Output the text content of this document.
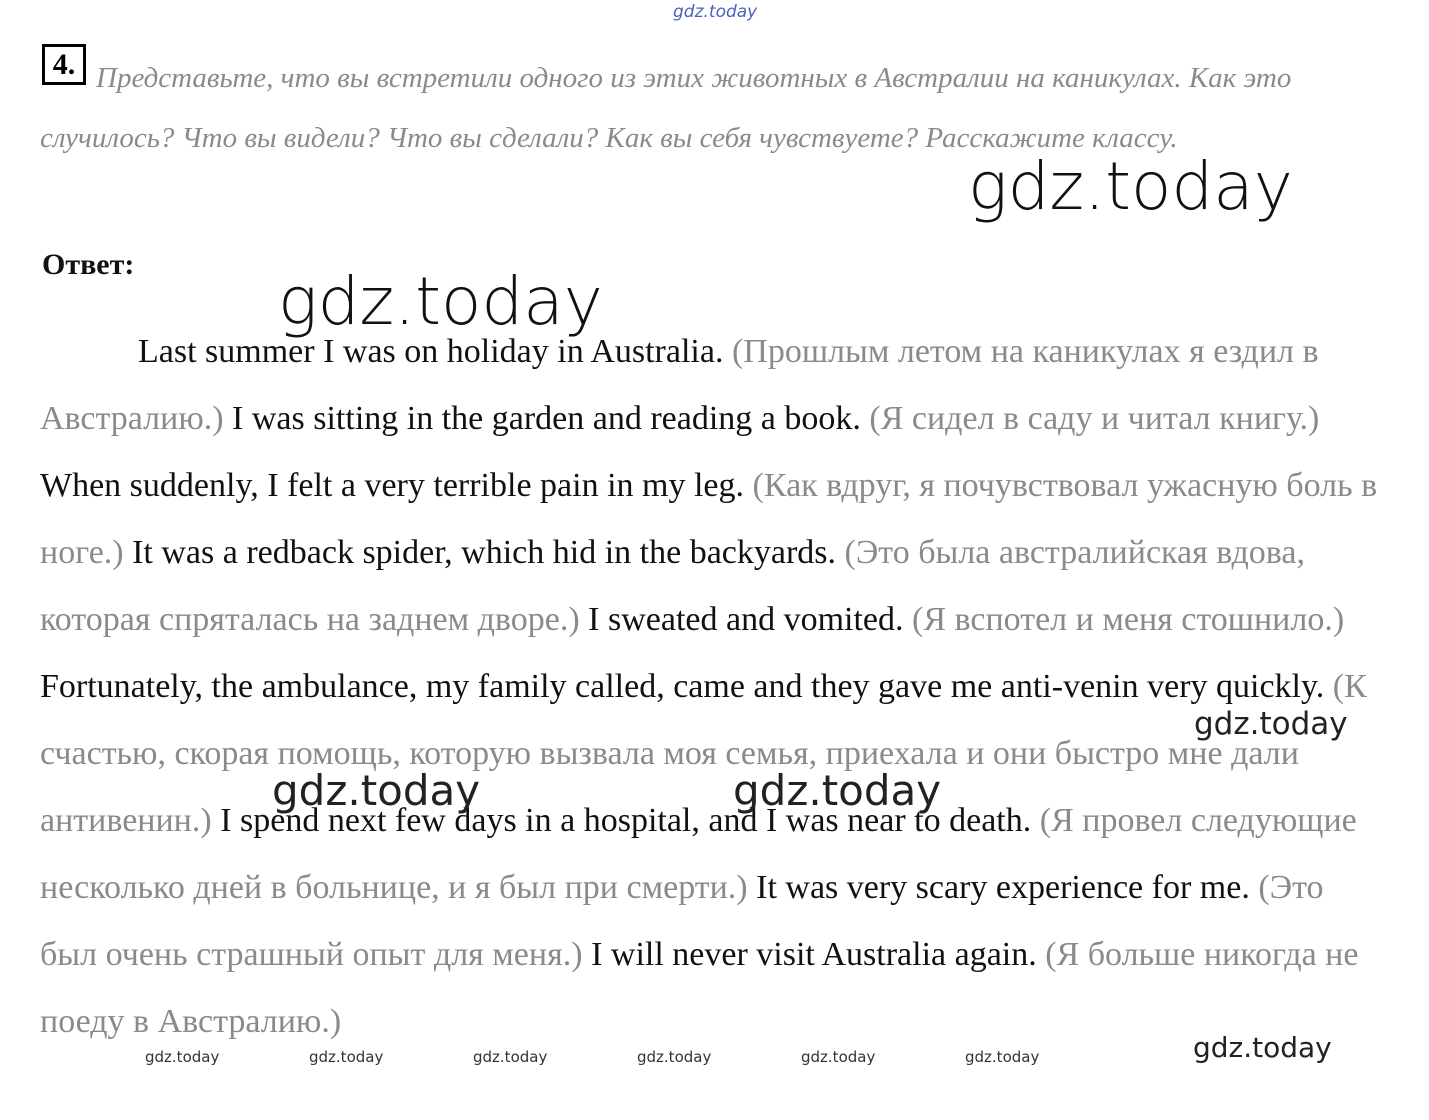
gdz.today
4. Представьте, что вы встретили одного из этих животных в Австралии на каникулах. Как это случилось? Что вы видели? Что вы сделали? Как вы себя чувствуете? Расскажите классу.

gdz.today
Ответ:

Last summer I was on holiday in Australia. (Прошлым летом на каникулах я ездил в Австралию.) I was sitting in the garden and reading a book. (Я сидел в саду и читал книгу.) When suddenly, I felt a very terrible pain in my leg. (Как вдруг, я почувствовал ужасную боль в ноге.) It was a redback spider, which hid in the backyards. (Это была австралийская вдова, которая спряталась на заднем дворе.) I sweated and vomited. (Я вспотел и меня стошнило.) Fortunately, the ambulance, my family called, came and they gave me anti-venin very quickly. (К счастью, скорая помощь, которую вызвала моя семья, приехала и они быстро мне дали антивенин.) I spend next few days in a hospital, and I was near to death. (Я провел следующие несколько дней в больнице, и я был при смерти.) It was very scary experience for me. (Это был очень страшный опыт для меня.) I will never visit Australia again. (Я больше никогда не поеду в Австралию.)

gdz.today
gdz.today
gdz.today	gdz.today
gdz.today
gdz.today	gdz.today	gdz.today	gdz.today	gdz.today	gdz.today
